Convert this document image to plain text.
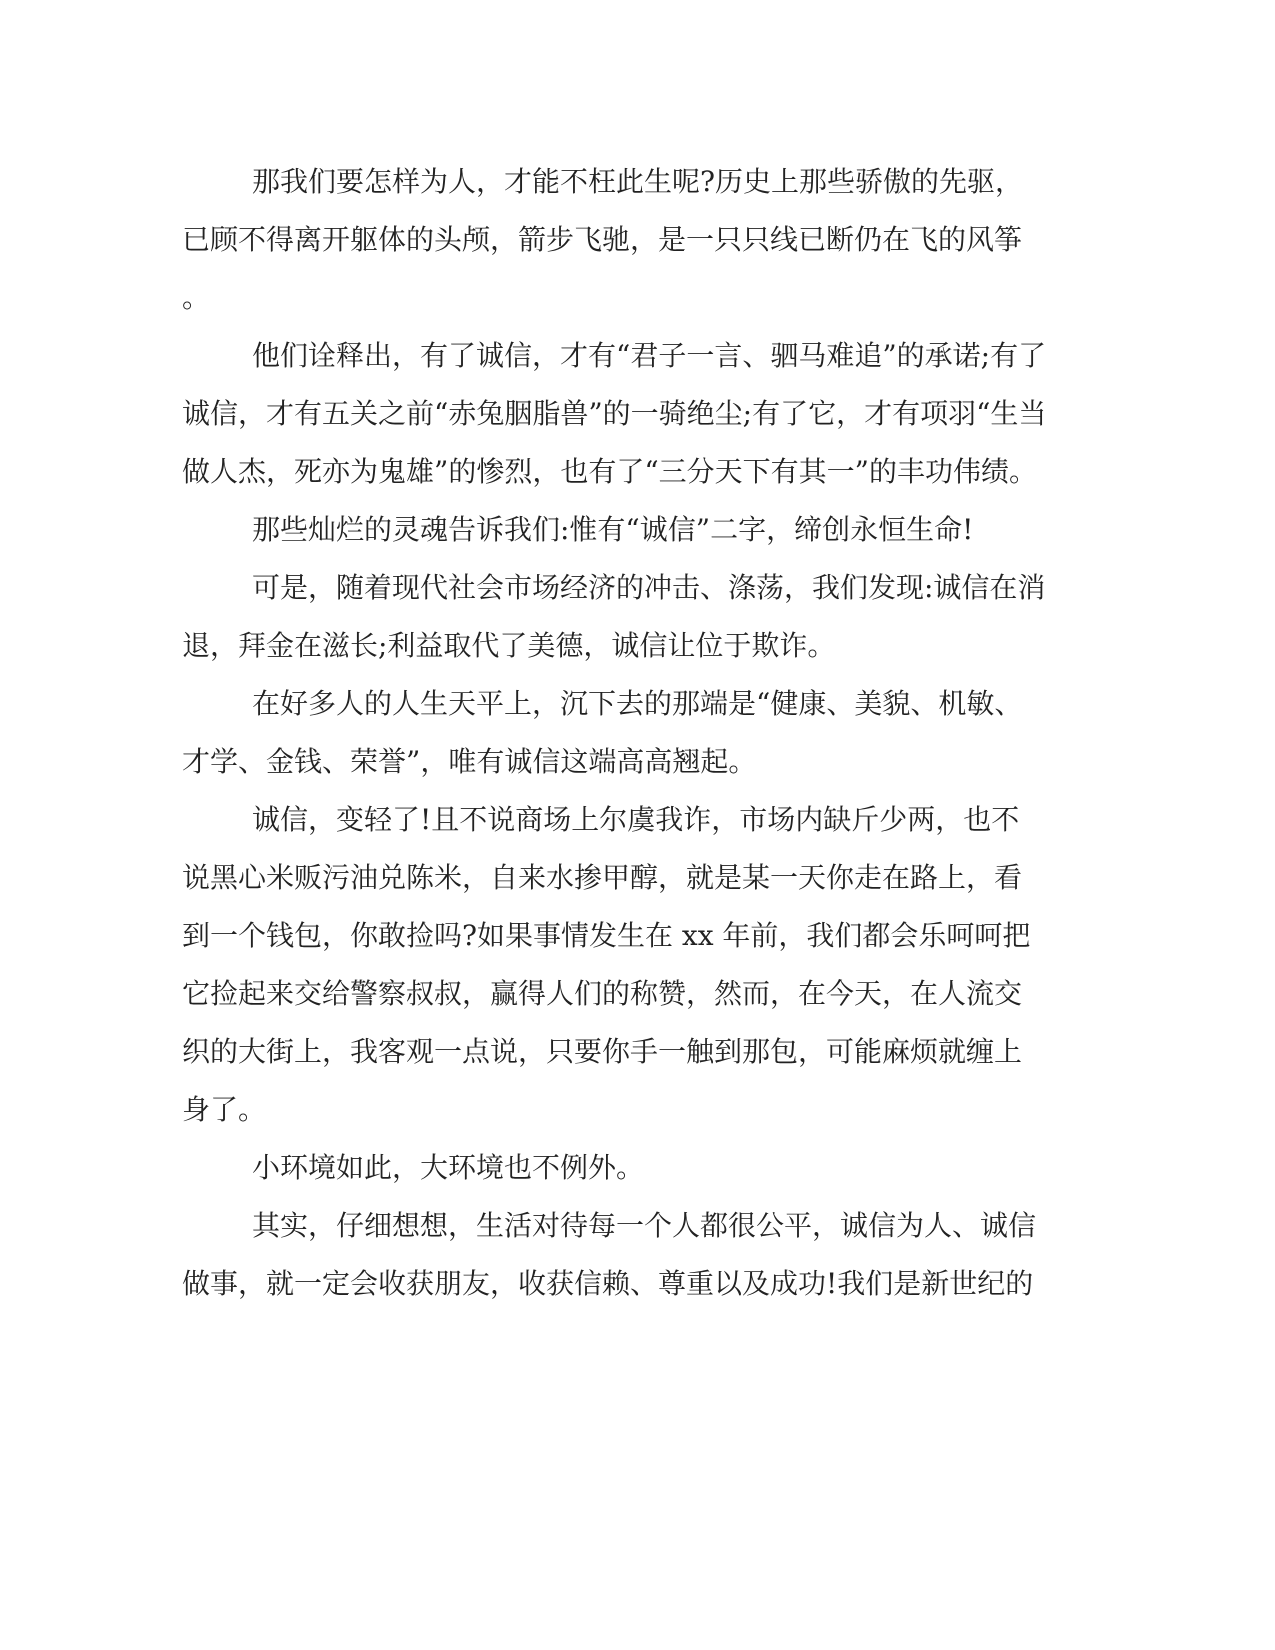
那我们要怎样为人，才能不枉此生呢?历史上那些骄傲的先驱，
已顾不得离开躯体的头颅，箭步飞驰，是一只只线已断仍在飞的风筝
。
他们诠释出，有了诚信，才有“君子一言、驷马难追”的承诺;有了
诚信，才有五关之前“赤兔胭脂兽”的一骑绝尘;有了它，才有项羽“生当
做人杰，死亦为鬼雄”的惨烈，也有了“三分天下有其一”的丰功伟绩。
那些灿烂的灵魂告诉我们:惟有“诚信”二字，缔创永恒生命!
可是，随着现代社会市场经济的冲击、涤荡，我们发现:诚信在消
退，拜金在滋长;利益取代了美德，诚信让位于欺诈。
在好多人的人生天平上，沉下去的那端是“健康、美貌、机敏、
才学、金钱、荣誉”，唯有诚信这端高高翘起。
诚信，变轻了!且不说商场上尔虞我诈，市场内缺斤少两，也不
说黑心米贩污油兑陈米，自来水掺甲醇，就是某一天你走在路上，看
到一个钱包，你敢捡吗?如果事情发生在 xx 年前，我们都会乐呵呵把
它捡起来交给警察叔叔，赢得人们的称赞，然而，在今天，在人流交
织的大街上，我客观一点说，只要你手一触到那包，可能麻烦就缠上
身了。
小环境如此，大环境也不例外。
其实，仔细想想，生活对待每一个人都很公平，诚信为人、诚信
做事，就一定会收获朋友，收获信赖、尊重以及成功!我们是新世纪的
